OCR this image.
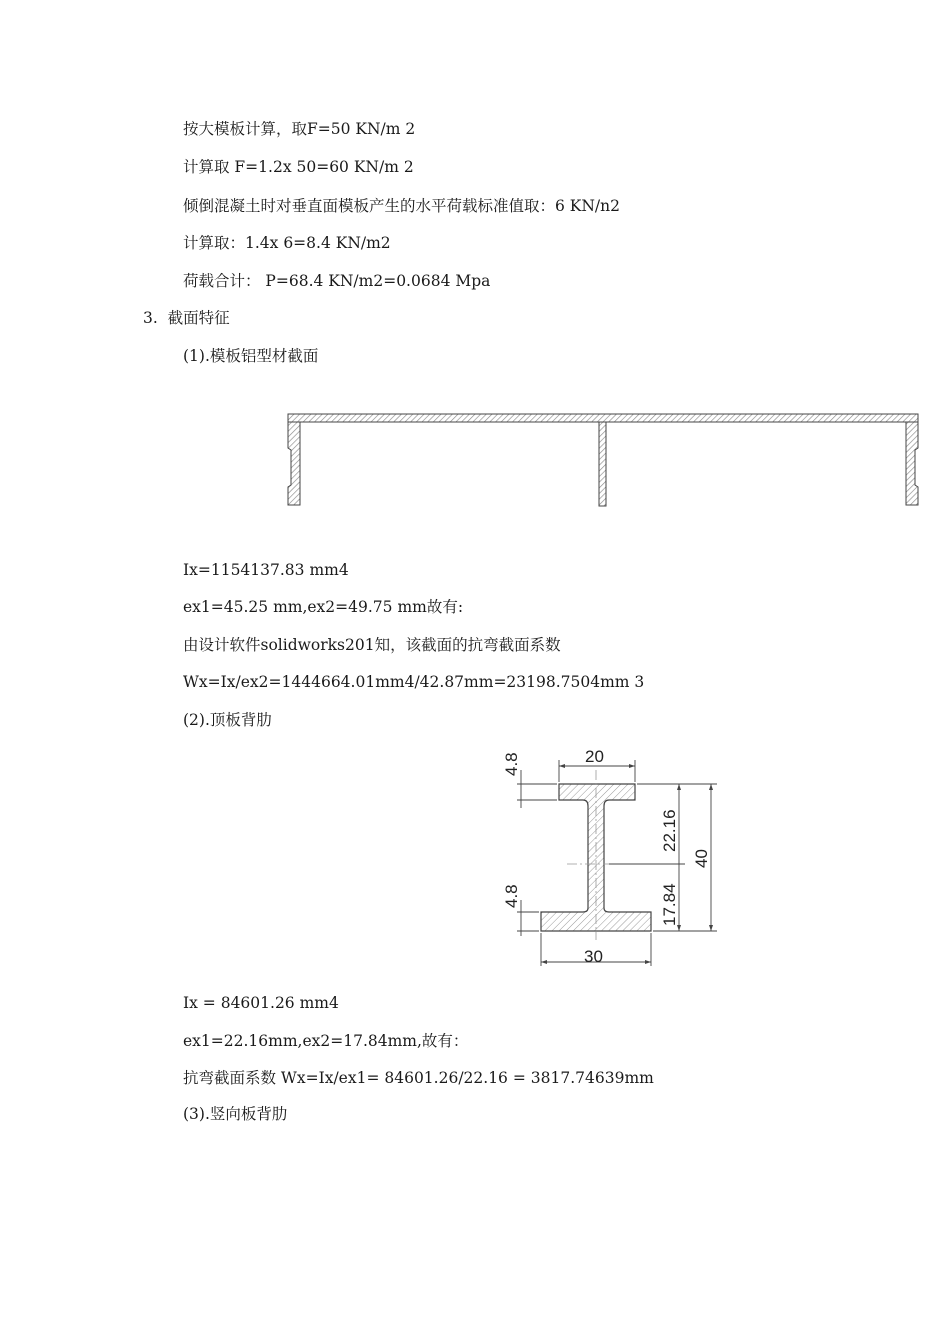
按大模板计算，取F=50 KN/m 2
计算取 F=1.2x 50=60 KN/m 2
倾倒混凝土时对垂直面模板产生的水平荷载标准值取：6 KN/n2
计算取：1.4x 6=8.4 KN/m2
荷载合计： P=68.4 KN/m2=0.0684 Mpa
3.  截面特征
(1).模板铝型材截面
Ix=1154137.83 mm4
ex1=45.25 mm,ex2=49.75 mm故有:
由设计软件solidworks201知，该截面的抗弯截面系数
Wx=Ix/ex2=1444664.01mm4/42.87mm=23198.7504mm 3
(2).顶板背肋
20
30
4.8
4.8
22.16
17.84
40
Ix = 84601.26 mm4
ex1=22.16mm,ex2=17.84mm,故有：
抗弯截面系数 Wx=Ix/ex1= 84601.26/22.16 = 3817.74639mm
(3).竖向板背肋
